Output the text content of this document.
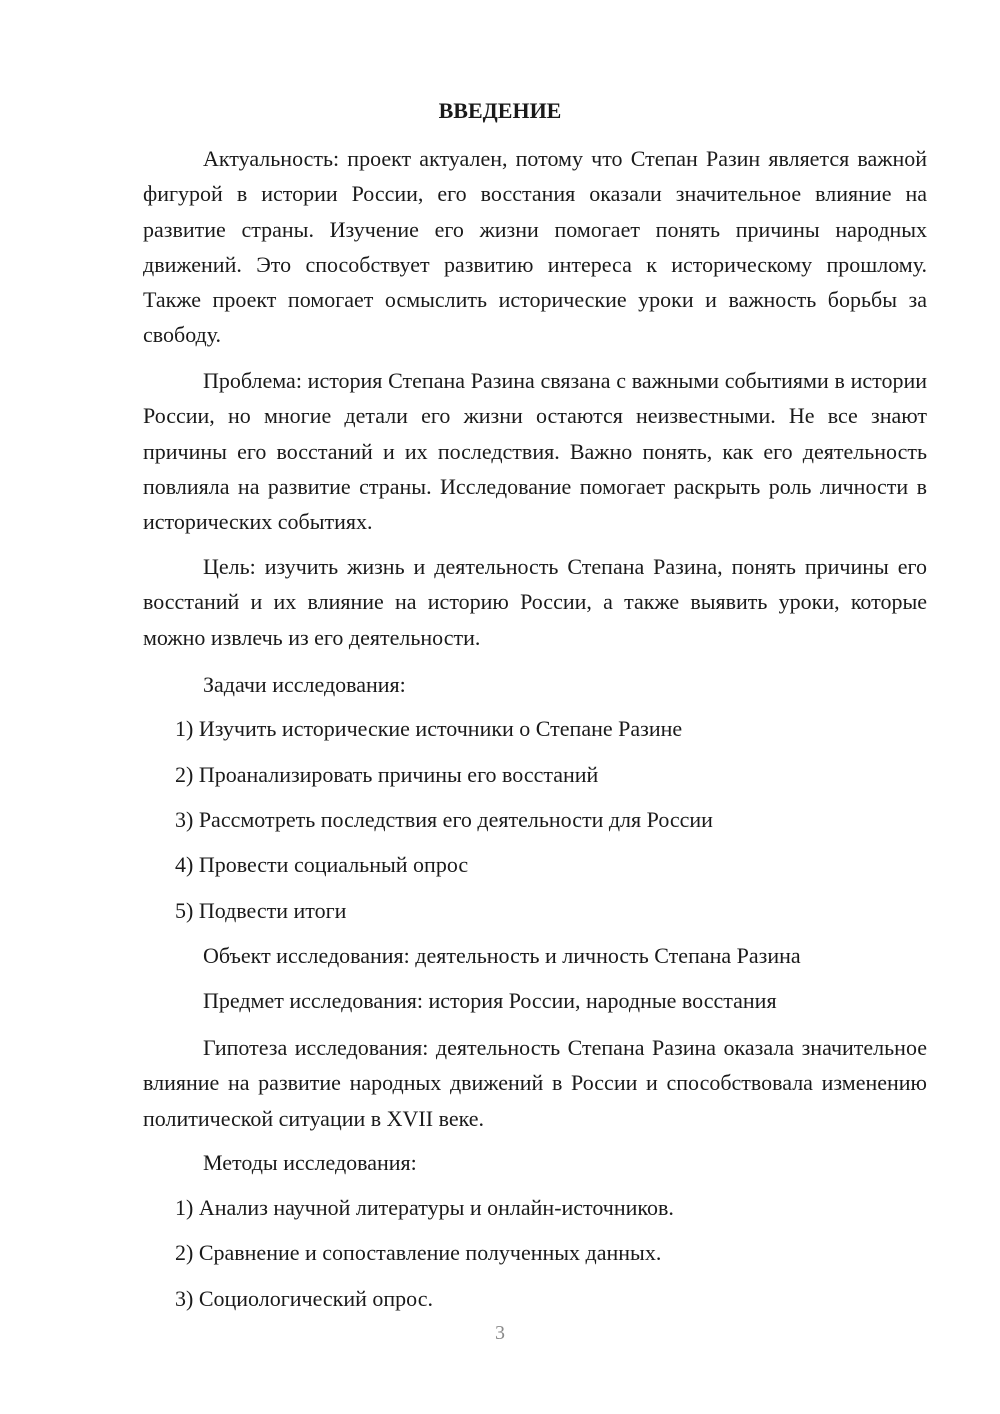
ВВЕДЕНИЕ

Актуальность: проект актуален, потому что Степан Разин является важной фигурой в истории России, его восстания оказали значительное влияние на развитие страны. Изучение его жизни помогает понять причины народных движений. Это способствует развитию интереса к историческому прошлому. Также проект помогает осмыслить исторические уроки и важность борьбы за свободу.

Проблема: история Степана Разина связана с важными событиями в истории России, но многие детали его жизни остаются неизвестными. Не все знают причины его восстаний и их последствия. Важно понять, как его деятельность повлияла на развитие страны. Исследование помогает раскрыть роль личности в исторических событиях.

Цель: изучить жизнь и деятельность Степана Разина, понять причины его восстаний и их влияние на историю России, а также выявить уроки, которые можно извлечь из его деятельности.

Задачи исследования:

1) Изучить исторические источники о Степане Разине

2) Проанализировать причины его восстаний

3) Рассмотреть последствия его деятельности для России

4) Провести социальный опрос

5) Подвести итоги

Объект исследования: деятельность и личность Степана Разина

Предмет исследования: история России, народные восстания

Гипотеза исследования: деятельность Степана Разина оказала значительное влияние на развитие народных движений в России и способствовала изменению политической ситуации в XVII веке.

Методы исследования:

1) Анализ научной литературы и онлайн-источников.

2) Сравнение и сопоставление полученных данных.

3) Социологический опрос.

3
